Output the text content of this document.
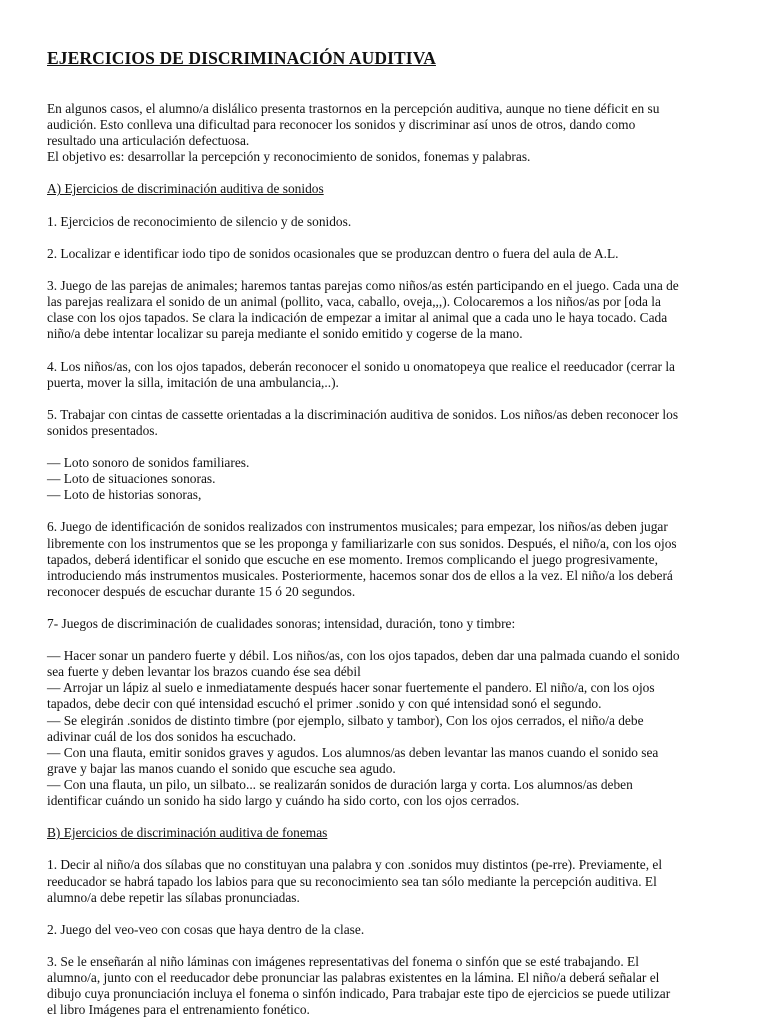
EJERCICIOS DE DISCRIMINACIÓN AUDITIVA

En algunos casos, el alumno/a dislálico presenta trastornos en la percepción auditiva, aunque no tiene déficit en su
audición. Esto conlleva una dificultad para reconocer los sonidos y discriminar así unos de otros, dando como
resultado una articulación defectuosa.
El objetivo es: desarrollar la percepción y reconocimiento de sonidos, fonemas y palabras.

A) Ejercicios de discriminación auditiva de sonidos

1. Ejercicios de reconocimiento de silencio y de sonidos.

2. Localizar e identificar iodo tipo de sonidos ocasionales que se produzcan dentro o fuera del aula de A.L.

3. Juego de las parejas de animales; haremos tantas parejas como niños/as estén participando en el juego. Cada una de
las parejas realizara el sonido de un animal (pollito, vaca, caballo, oveja,,,). Colocaremos a los niños/as por [oda la
clase con los ojos tapados. Se clara la indicación de empezar a imitar al animal que a cada uno le haya tocado. Cada
niño/a debe intentar localizar su pareja mediante el sonido emitido y cogerse de la mano.

4. Los niños/as, con los ojos tapados, deberán reconocer el sonido u onomatopeya que realice el reeducador (cerrar la
puerta, mover la silla, imitación de una ambulancia,..).

5. Trabajar con cintas de cassette orientadas a la discriminación auditiva de sonidos. Los niños/as deben reconocer los
sonidos presentados.

— Loto sonoro de sonidos familiares.
— Loto de situaciones sonoras.
— Loto de historias sonoras,

6. Juego de identificación de sonidos realizados con instrumentos musicales; para empezar, los niños/as deben jugar
libremente con los instrumentos que se les proponga y familiarizarle con sus sonidos. Después, el niño/a, con los ojos
tapados, deberá identificar el sonido que escuche en ese momento. Iremos complicando el juego progresivamente,
introduciendo más instrumentos musicales. Posteriormente, hacemos sonar dos de ellos a la vez. El niño/a los deberá
reconocer después de escuchar durante 15 ó 20 segundos.

7- Juegos de discriminación de cualidades sonoras; intensidad, duración, tono y timbre:

— Hacer sonar un pandero fuerte y débil. Los niños/as, con los ojos tapados, deben dar una palmada cuando el sonido
sea fuerte y deben levantar los brazos cuando ése sea débil
— Arrojar un lápiz al suelo e inmediatamente después hacer sonar fuertemente el pandero. El niño/a, con los ojos
tapados, debe decir con qué intensidad escuchó el primer .sonido y con qué intensidad sonó el segundo.
— Se elegirán .sonidos de distinto timbre (por ejemplo, silbato y tambor), Con los ojos cerrados, el niño/a debe
adivinar cuál de los dos sonidos ha escuchado.
— Con una flauta, emitir sonidos graves y agudos. Los alumnos/as deben levantar las manos cuando el sonido sea
grave y bajar las manos cuando el sonido que escuche sea agudo.
— Con una flauta, un pilo, un silbato... se realizarán sonidos de duración larga y corta. Los alumnos/as deben
identificar cuándo un sonido ha sido largo y cuándo ha sido corto, con los ojos cerrados.

B) Ejercicios de discriminación auditiva de fonemas

1. Decir al niño/a dos sílabas que no constituyan una palabra y con .sonidos muy distintos (pe-rre). Previamente, el
reeducador se habrá tapado los labios para que su reconocimiento sea tan sólo mediante la percepción auditiva. El
alumno/a debe repetir las sílabas pronunciadas.

2. Juego del veo-veo con cosas que haya dentro de la clase.

3. Se le enseñarán al niño láminas con imágenes representativas del fonema o sinfón que se esté trabajando. El
alumno/a, junto con el reeducador debe pronunciar las palabras existentes en la lámina. El niño/a deberá señalar el
dibujo cuya pronunciación incluya el fonema o sinfón indicado, Para trabajar este tipo de ejercicios se puede utilizar
el libro Imágenes para el entrenamiento fonético.
